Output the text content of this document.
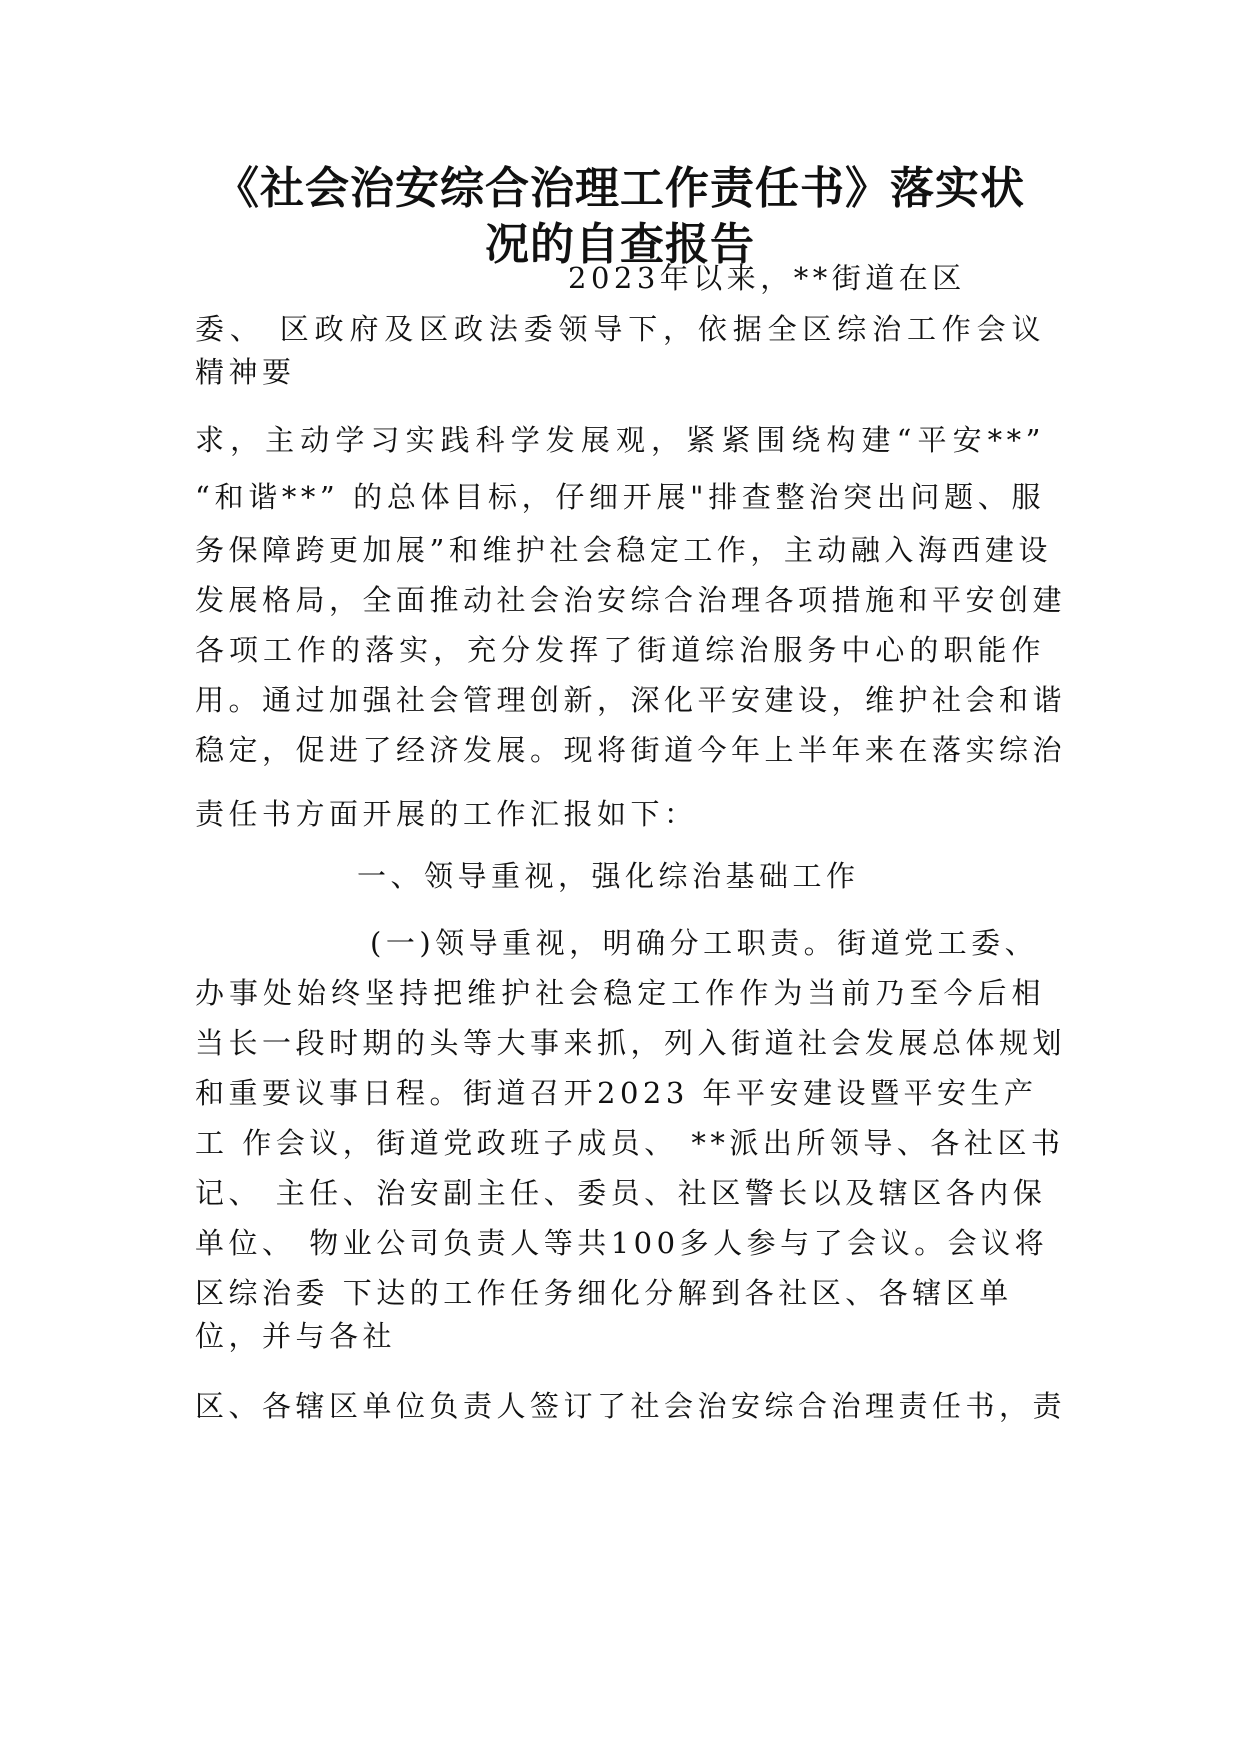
《社会治安综合治理工作责任书》落实状
况的自查报告

2023年以来，**街道在区

委、 区政府及区政法委领导下，依据全区综治工作会议

精神要

求，主动学习实践科学发展观，紧紧围绕构建“平安**”

“和谐**” 的总体目标，仔细开展"排查整治突出问题、服

务保障跨更加展”和维护社会稳定工作，主动融入海西建设

发展格局，全面推动社会治安综合治理各项措施和平安创建

各项工作的落实，充分发挥了街道综治服务中心的职能作

用。通过加强社会管理创新，深化平安建设，维护社会和谐

稳定，促进了经济发展。现将街道今年上半年来在落实综治

责任书方面开展的工作汇报如下：

一、领导重视，强化综治基础工作

(一)领导重视，明确分工职责。街道党工委、

办事处始终坚持把维护社会稳定工作作为当前乃至今后相

当长一段时期的头等大事来抓，列入街道社会发展总体规划

和重要议事日程。街道召开2023 年平安建设暨平安生产

工 作会议，街道党政班子成员、 **派出所领导、各社区书

记、 主任、治安副主任、委员、社区警长以及辖区各内保

单位、 物业公司负责人等共100多人参与了会议。会议将

区综治委 下达的工作任务细化分解到各社区、各辖区单

位，并与各社

区、各辖区单位负责人签订了社会治安综合治理责任书，责
